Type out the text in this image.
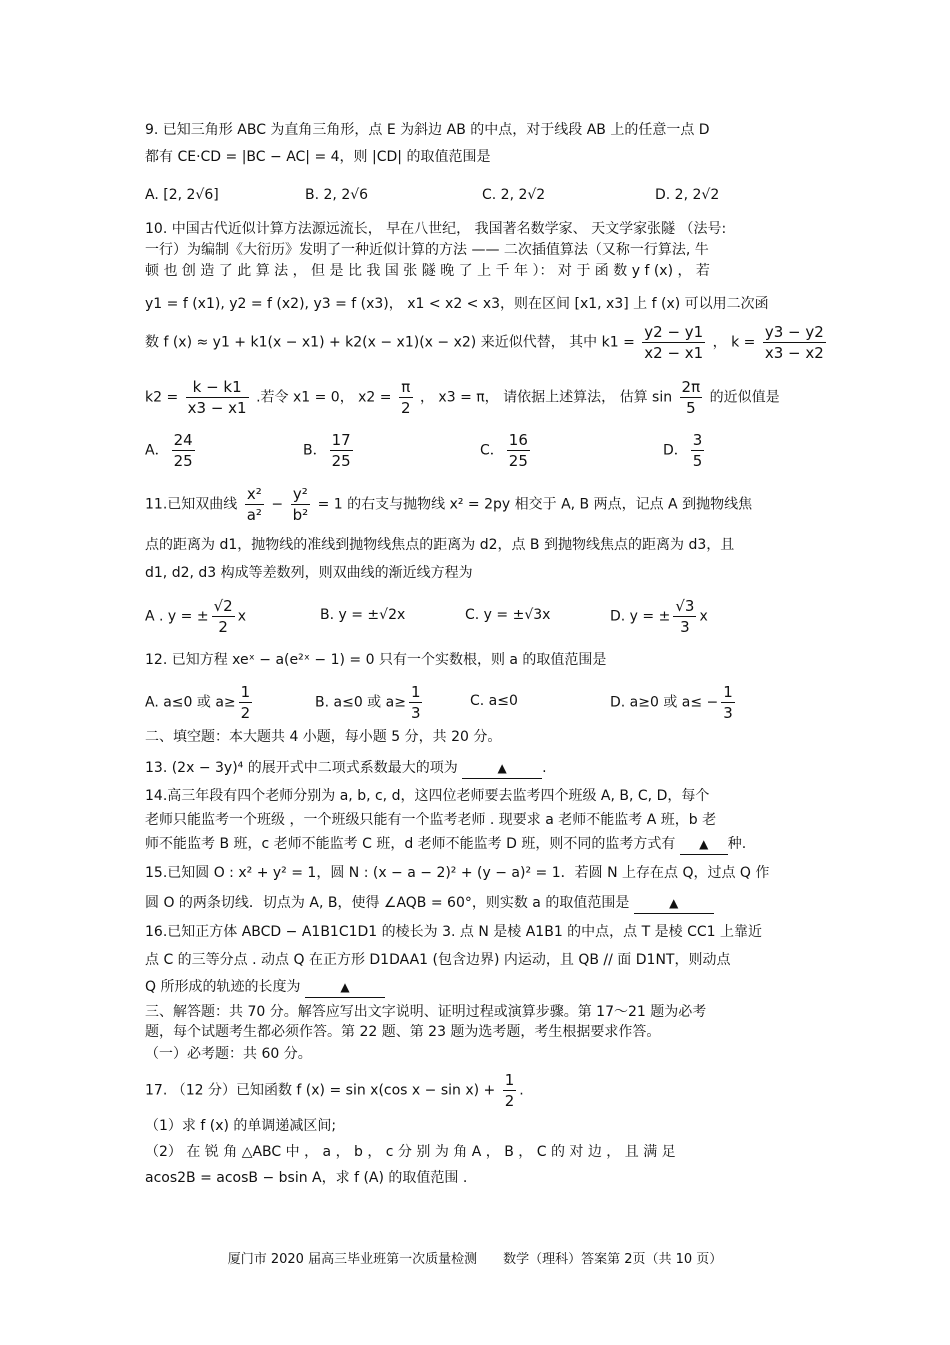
9. 已知三角形 ABC 为直角三角形，点 E 为斜边 AB 的中点，对于线段 AB 上的任意一点 D
都有 CE·CD = |BC − AC| = 4，则 |CD| 的取值范围是
A. [2, 2√6]	B. 2, 2√6	C. 2, 2√2	D. 2, 2√2
10. 中国古代近似计算方法源远流长， 早在八世纪， 我国著名数学家、 天文学家张隧 （法号:
一行）为编制《大衍历》发明了一种近似计算的方法 —— 二次插值算法（又称一行算法, 牛
顿 也 创 造 了 此 算 法 ， 但 是 比 我 国 张 隧 晚 了 上 千 年 ）： 对 于 函 数 y f (x) ， 若
y1 = f (x1), y2 = f (x2), y3 = f (x3)， x1 < x2 < x3，则在区间 [x1, x3] 上 f (x) 可以用二次函
数 f (x) ≈ y1 + k1(x − x1) + k2(x − x1)(x − x2) 来近似代替， 其中 $k1 = \frac{y2 - y1}{x2 - x1}$ ， $k = \frac{y3 - y2}{x3 - x2}$
$k2 = \frac{k - k1}{x3 - x1}$ .若令 x1 = 0， $x2 = \frac{\pi}{2}$ ， x3 = π， 请依据上述算法， 估算 $\sin \frac{2\pi}{5}$ 的近似值是
A． $\frac{24}{25}$	B． $\frac{17}{25}$	C． $\frac{16}{25}$	D． $\frac{3}{5}$
11.已知双曲线 $\frac{\text{x²}}{\text{a²}} - \frac{\text{y²}}{\text{b²}} = 1$ 的右支与抛物线 x² = 2py 相交于 A, B 两点，记点 A 到抛物线焦
点的距离为 d1，抛物线的准线到抛物线焦点的距离为 d2，点 B 到抛物线焦点的距离为 d3，且
d1, d2, d3 构成等差数列，则双曲线的渐近线方程为
A . y = ± $\frac{√2}{2}$ x	B. y = ±√2x	C. y = ±√3x	D. y = ± $\frac{√3}{3}$ x
12. 已知方程 xeˣ − a(e²ˣ − 1) = 0 只有一个实数根，则 a 的取值范围是
A. a≤0 或 $a\ge \frac{1}{2}$	B. a≤0 或 $a\ge \frac{1}{3}$	C. a≤0	D. a≥0 或 $a\le - \frac{1}{3}$
二、填空题：本大题共 4 小题，每小题 5 分，共 20 分。
13. (2x − 3y)⁴ 的展开式中二项式系数最大的项为	▲	.
14.高三年段有四个老师分别为 a, b, c, d，这四位老师要去监考四个班级 A, B, C, D，每个
老师只能监考一个班级 ，一个班级只能有一个监考老师 . 现要求 a 老师不能监考 A 班，b 老
师不能监考 B 班，c 老师不能监考 C 班，d 老师不能监考 D 班，则不同的监考方式有 ▲ 种.
15.已知圆 O : x² + y² = 1，圆 N : (x − a − 2)² + (y − a)² = 1．若圆 N 上存在点 Q，过点 Q 作
圆 O 的两条切线．切点为 A, B，使得 ∠AQB = 60°，则实数 a 的取值范围是	▲
16.已知正方体 ABCD − A1B1C1D1 的棱长为 3. 点 N 是棱 A1B1 的中点，点 T 是棱 CC1 上靠近
点 C 的三等分点 . 动点 Q 在正方形 D1DAA1 (包含边界) 内运动，且 QB // 面 D1NT，则动点
Q 所形成的轨迹的长度为	▲
三、解答题：共 70 分。解答应写出文字说明、证明过程或演算步骤。第 17～21 题为必考
题，每个试题考生都必须作答。第 22 题、第 23 题为选考题，考生根据要求作答。
（一）必考题：共 60 分。
17. （12 分）已知函数 f (x) = sin x(cos $x - \sin x) + \frac{1}{2}$ .
（1）求 f (x) 的单调递减区间;
（2） 在 锐 角 △ABC 中 ， a ， b ， c 分 别 为 角 A ， B ， C 的 对 边 ， 且 满 足
acos2B = acosB − bsin A，求 f (A) 的取值范围 .
厦门市 2020 届高三毕业班第一次质量检测　　数学（理科）答案第 2页（共 10 页）
